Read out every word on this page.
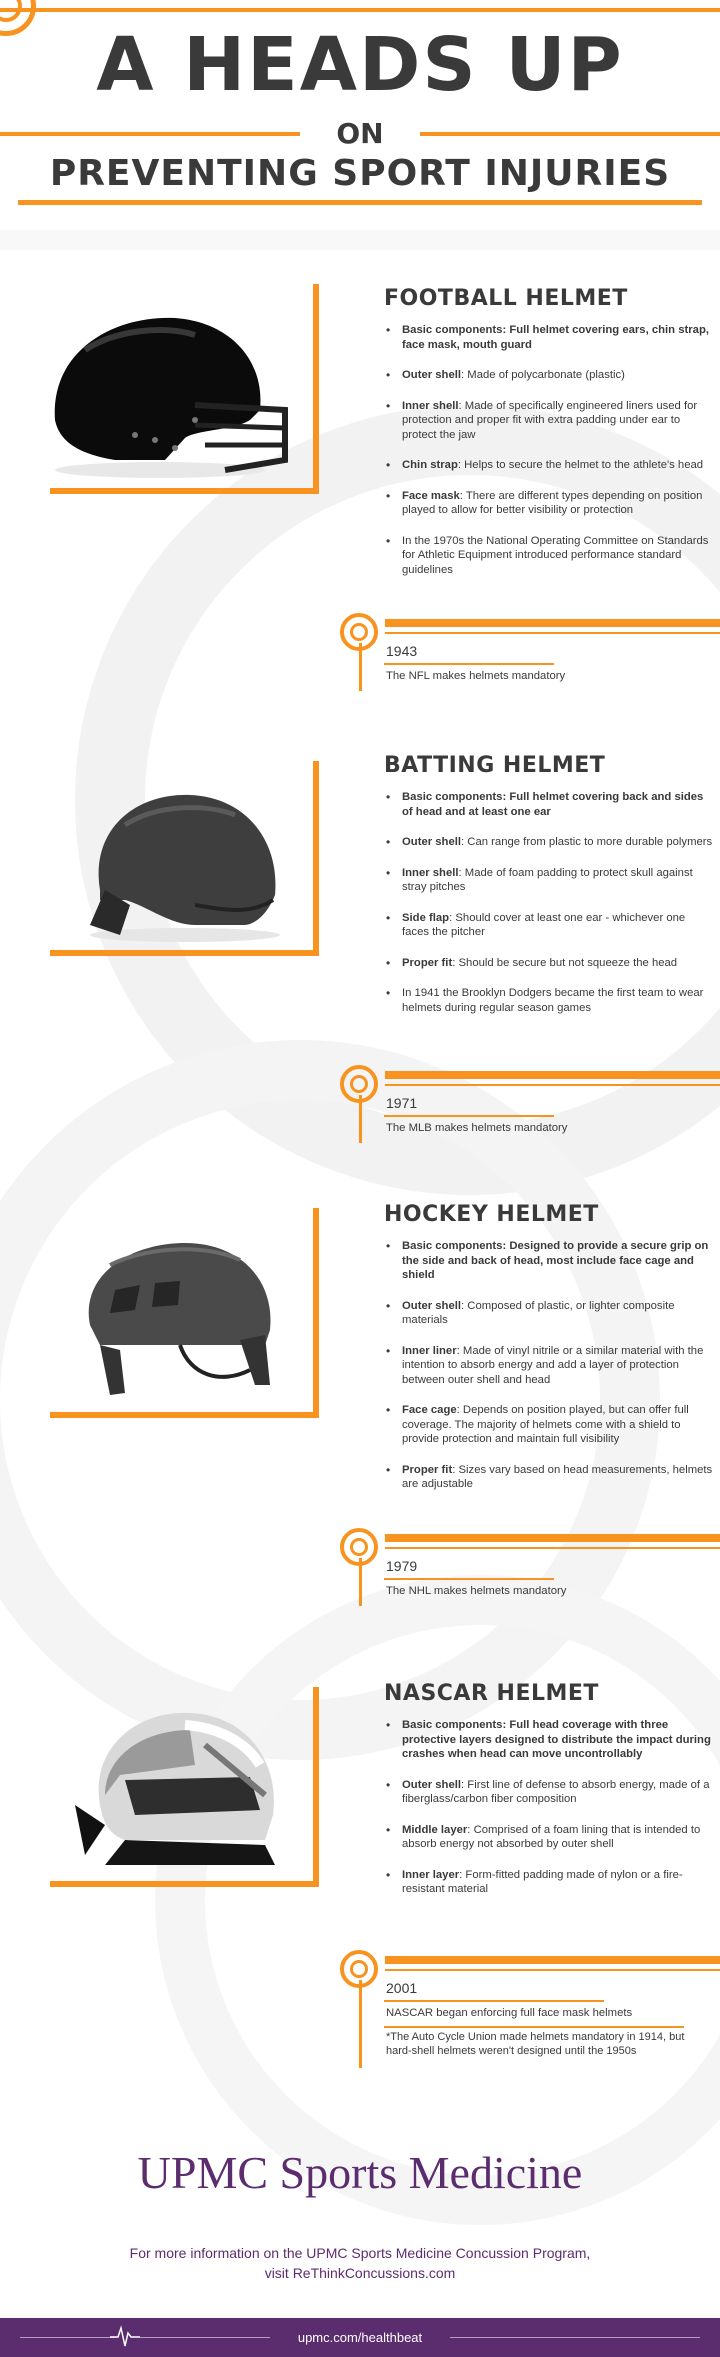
A HEADS UP
ON
PREVENTING SPORT INJURIES
FOOTBALL HELMET
• Basic components: Full helmet covering ears, chin strap, face mask, mouth guard
• Outer shell: Made of polycarbonate (plastic)
• Inner shell: Made of specifically engineered liners used for protection and proper fit with extra padding under ear to protect the jaw
• Chin strap: Helps to secure the helmet to the athlete's head
• Face mask: There are different types depending on position played to allow for better visibility or protection
• In the 1970s the National Operating Committee on Standards for Athletic Equipment introduced performance standard guidelines
1943
The NFL makes helmets mandatory
BATTING HELMET
• Basic components: Full helmet covering back and sides of head and at least one ear
• Outer shell: Can range from plastic to more durable polymers
• Inner shell: Made of foam padding to protect skull against stray pitches
• Side flap: Should cover at least one ear - whichever one faces the pitcher
• Proper fit: Should be secure but not squeeze the head
• In 1941 the Brooklyn Dodgers became the first team to wear helmets during regular season games
1971
The MLB makes helmets mandatory
HOCKEY HELMET
• Basic components: Designed to provide a secure grip on the side and back of head, most include face cage and shield
• Outer shell: Composed of plastic, or lighter composite materials
• Inner liner: Made of vinyl nitrile or a similar material with the intention to absorb energy and add a layer of protection between outer shell and head
• Face cage: Depends on position played, but can offer full coverage. The majority of helmets come with a shield to provide protection and maintain full visibility
• Proper fit: Sizes vary based on head measurements, helmets are adjustable
1979
The NHL makes helmets mandatory
NASCAR HELMET
• Basic components: Full head coverage with three protective layers designed to distribute the impact during crashes when head can move uncontrollably
• Outer shell: First line of defense to absorb energy, made of a fiberglass/carbon fiber composition
• Middle layer: Comprised of a foam lining that is intended to absorb energy not absorbed by outer shell
• Inner layer: Form-fitted padding made of nylon or a fire-resistant material
2001
NASCAR began enforcing full face mask helmets
*The Auto Cycle Union made helmets mandatory in 1914, but hard-shell helmets weren't designed until the 1950s
UPMC Sports Medicine
For more information on the UPMC Sports Medicine Concussion Program,
visit ReThinkConcussions.com
upmc.com/healthbeat
